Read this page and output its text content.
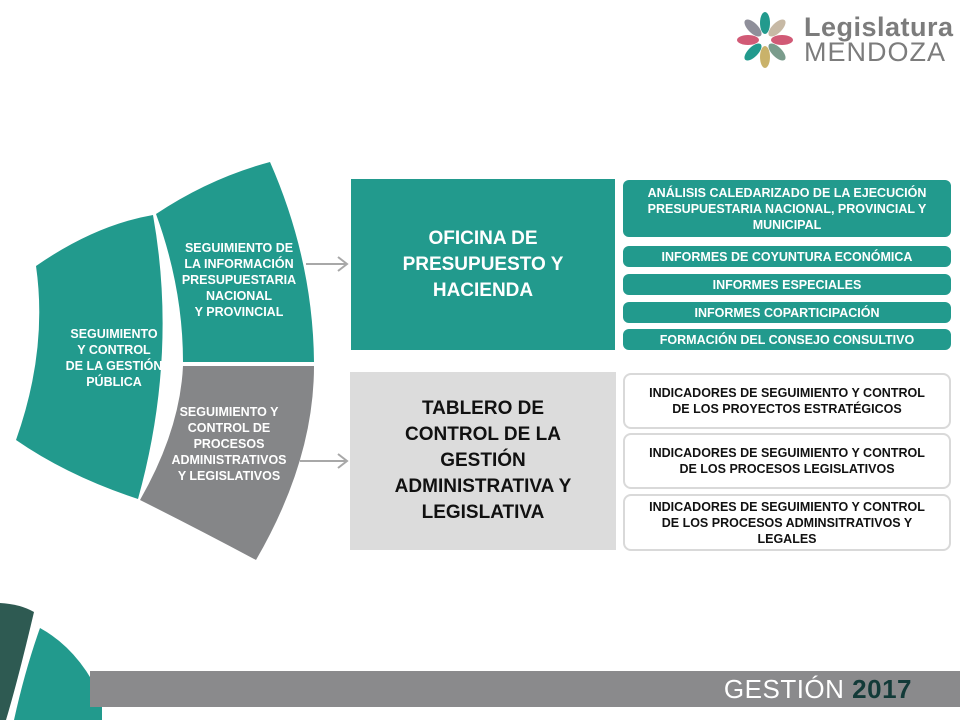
Legislatura
MENDOZA
SEGUIMIENTO
Y CONTROL
DE LA GESTIÓN
PÚBLICA
SEGUIMIENTO DE
LA INFORMACIÓN
PRESUPUESTARIA
NACIONAL
Y PROVINCIAL
SEGUIMIENTO Y
CONTROL DE
PROCESOS
ADMINISTRATIVOS
Y LEGISLATIVOS
OFICINA DE
PRESUPUESTO Y
HACIENDA
TABLERO DE
CONTROL DE LA
GESTIÓN
ADMINISTRATIVA Y
LEGISLATIVA
ANÁLISIS CALEDARIZADO DE LA EJECUCIÓN
PRESUPUESTARIA NACIONAL, PROVINCIAL Y
MUNICIPAL
INFORMES DE COYUNTURA ECONÓMICA
INFORMES ESPECIALES
INFORMES COPARTICIPACIÓN
FORMACIÓN DEL CONSEJO CONSULTIVO
INDICADORES DE SEGUIMIENTO Y CONTROL
DE LOS PROYECTOS ESTRATÉGICOS
INDICADORES DE SEGUIMIENTO Y CONTROL
DE LOS PROCESOS LEGISLATIVOS
INDICADORES DE SEGUIMIENTO Y CONTROL
DE LOS PROCESOS ADMINSITRATIVOS Y
LEGALES
GESTIÓN 2017
